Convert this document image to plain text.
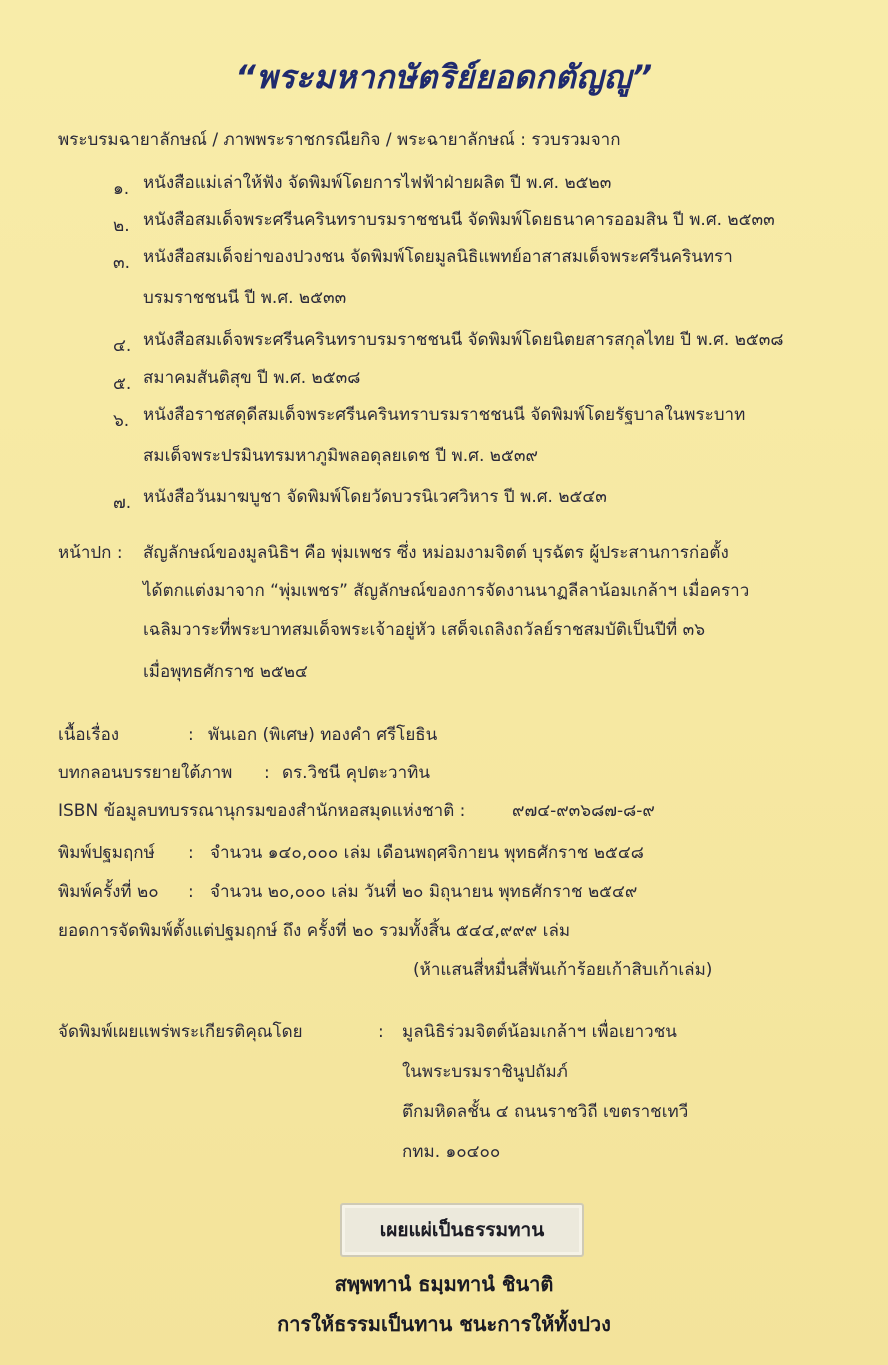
“พระมหากษัตริย์ยอดกตัญญู”
พระบรมฉายาลักษณ์ / ภาพพระราชกรณียกิจ / พระฉายาลักษณ์ : รวบรวมจาก
๑. หนังสือแม่เล่าให้ฟัง จัดพิมพ์โดยการไฟฟ้าฝ่ายผลิต ปี พ.ศ. ๒๕๒๓
๒. หนังสือสมเด็จพระศรีนครินทราบรมราชชนนี จัดพิมพ์โดยธนาคารออมสิน ปี พ.ศ. ๒๕๓๓
๓. หนังสือสมเด็จย่าของปวงชน จัดพิมพ์โดยมูลนิธิแพทย์อาสาสมเด็จพระศรีนครินทรา
บรมราชชนนี ปี พ.ศ. ๒๕๓๓
๔. หนังสือสมเด็จพระศรีนครินทราบรมราชชนนี จัดพิมพ์โดยนิตยสารสกุลไทย ปี พ.ศ. ๒๕๓๘
๕. สมาคมสันติสุข ปี พ.ศ. ๒๕๓๘
๖. หนังสือราชสดุดีสมเด็จพระศรีนครินทราบรมราชชนนี จัดพิมพ์โดยรัฐบาลในพระบาท
สมเด็จพระปรมินทรมหาภูมิพลอดุลยเดช ปี พ.ศ. ๒๕๓๙
๗. หนังสือวันมาฆบูชา จัดพิมพ์โดยวัดบวรนิเวศวิหาร ปี พ.ศ. ๒๕๔๓
หน้าปก : สัญลักษณ์ของมูลนิธิฯ คือ พุ่มเพชร ซึ่ง หม่อมงามจิตต์ บุรฉัตร ผู้ประสานการก่อตั้ง
ได้ตกแต่งมาจาก “พุ่มเพชร” สัญลักษณ์ของการจัดงานนาฏลีลาน้อมเกล้าฯ เมื่อคราว
เฉลิมวาระที่พระบาทสมเด็จพระเจ้าอยู่หัว เสด็จเถลิงถวัลย์ราชสมบัติเป็นปีที่ ๓๖
เมื่อพุทธศักราช ๒๕๒๔
เนื้อเรื่อง	: พันเอก (พิเศษ) ทองคำ ศรีโยธิน
บทกลอนบรรยายใต้ภาพ : ดร.วิชนี คุปตะวาทิน
ISBN ข้อมูลบทบรรณานุกรมของสำนักหอสมุดแห่งชาติ :	๙๗๔-๙๓๖๘๗-๘-๙
พิมพ์ปฐมฤกษ์ : จำนวน ๑๔๐,๐๐๐ เล่ม เดือนพฤศจิกายน พุทธศักราช ๒๕๔๘
พิมพ์ครั้งที่ ๒๐ : จำนวน ๒๐,๐๐๐ เล่ม วันที่ ๒๐ มิถุนายน พุทธศักราช ๒๕๔๙
ยอดการจัดพิมพ์ตั้งแต่ปฐมฤกษ์ ถึง ครั้งที่ ๒๐ รวมทั้งสิ้น ๕๔๔,๙๙๙ เล่ม
(ห้าแสนสี่หมื่นสี่พันเก้าร้อยเก้าสิบเก้าเล่ม)
จัดพิมพ์เผยแพร่พระเกียรติคุณโดย	: มูลนิธิร่วมจิตต์น้อมเกล้าฯ เพื่อเยาวชน
ในพระบรมราชินูปถัมภ์
ตึกมหิดลชั้น ๔ ถนนราชวิถี เขตราชเทวี
กทม. ๑๐๔๐๐
เผยแผ่เป็นธรรมทาน
สพฺพทานํ ธมฺมทานํ ชินาติ
การให้ธรรมเป็นทาน ชนะการให้ทั้งปวง
